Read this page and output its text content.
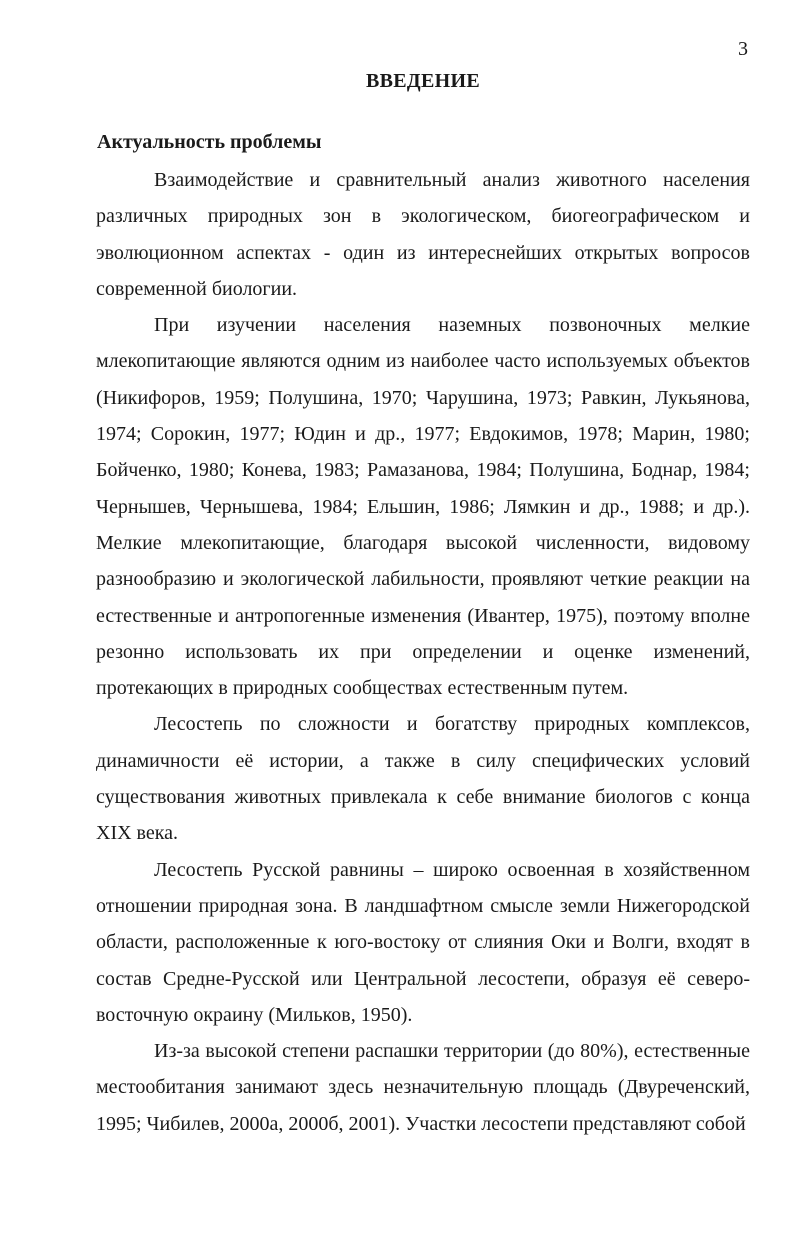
3
ВВЕДЕНИЕ
Актуальность проблемы

Взаимодействие и сравнительный анализ животного населения различных природных зон в экологическом, биогеографическом и эволюционном аспектах - один из интереснейших открытых вопросов современной биологии.

При изучении населения наземных позвоночных мелкие млекопитающие являются одним из наиболее часто используемых объектов (Никифоров, 1959; Полушина, 1970; Чарушина, 1973; Равкин, Лукьянова, 1974; Сорокин, 1977; Юдин и др., 1977; Евдокимов, 1978; Марин, 1980; Бойченко, 1980; Конева, 1983; Рамазанова, 1984; Полушина, Боднар, 1984; Чернышев, Чернышева, 1984; Ельшин, 1986; Лямкин и др., 1988; и др.). Мелкие млекопитающие, благодаря высокой численности, видовому разнообразию и экологической лабильности, проявляют четкие реакции на естественные и антропогенные изменения (Ивантер, 1975), поэтому вполне резонно использовать их при определении и оценке изменений, протекающих в природных сообществах естественным путем.

Лесостепь по сложности и богатству природных комплексов, динамичности её истории, а также в силу специфических условий существования животных привлекала к себе внимание биологов с конца XIX века.

Лесостепь Русской равнины – широко освоенная в хозяйственном отношении природная зона. В ландшафтном смысле земли Нижегородской области, расположенные к юго-востоку от слияния Оки и Волги, входят в состав Средне-Русской или Центральной лесостепи, образуя её северо-восточную окраину (Мильков, 1950).

Из-за высокой степени распашки территории (до 80%), естественные местообитания занимают здесь незначительную площадь (Двуреченский, 1995; Чибилев, 2000а, 2000б, 2001). Участки лесостепи представляют собой
